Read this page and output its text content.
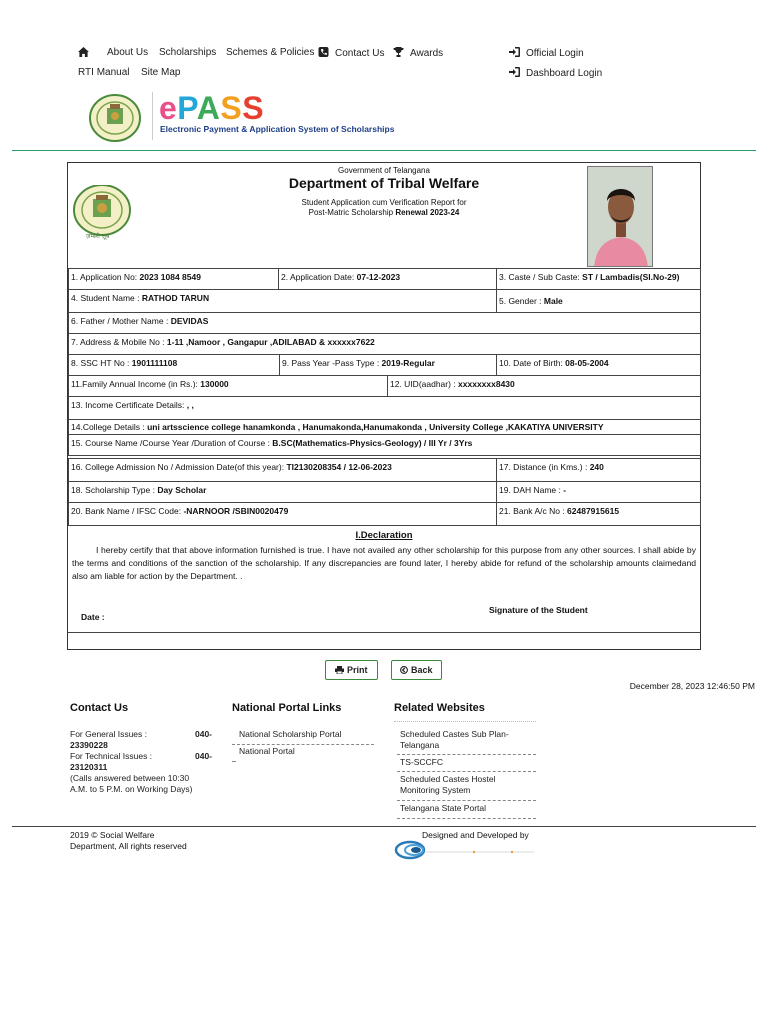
About Us Scholarships Schemes & Policies	Contact Us	Awards	Official Login
RTI Manual Site Map	Dashboard Login
ePASS
Electronic Payment & Application System of Scholarships
ज़म्बरी ज़ूब
Government of Telangana
Department of Tribal Welfare
Student Application cum Verification Report for
Post-Matric Scholarship Renewal 2023-24
1. Application No: 2023 1084 8549	2. Application Date: 07-12-2023	3. Caste / Sub Caste: ST / Lambadis(Sl.No-29)
4. Student Name : RATHOD TARUN	5. Gender : Male
6. Father / Mother Name : DEVIDAS
7. Address & Mobile No : 1-11 ,Namoor , Gangapur ,ADILABAD & xxxxxx7622
8. SSC HT No : 1901111108	9. Pass Year -Pass Type : 2019-Regular	10. Date of Birth: 08-05-2004
11.Family Annual Income (in Rs.): 130000	12. UID(aadhar) : xxxxxxxx8430
13. Income Certificate Details: , ,
14.College Details : uni artsscience college hanamkonda , Hanumakonda,Hanumakonda , University College ,KAKATIYA UNIVERSITY
15. Course Name /Course Year /Duration of Course : B.SC(Mathematics-Physics-Geology) / III Yr / 3Yrs
16. College Admission No / Admission Date(of this year): TI2130208354 / 12-06-2023	17. Distance (in Kms.) : 240
18. Scholarship Type : Day Scholar	19. DAH Name : -
20. Bank Name / IFSC Code: -NARNOOR /SBIN0020479	21. Bank A/c No : 62487915615
I.Declaration
I hereby certify that that above information furnished is true. I have not availed any other scholarship for this purpose from any other sources. I shall abide by the terms and conditions of the sanction of the scholarship. If any discrepancies are found later, I hereby abide for refund of the scholarship amounts claimedand also am liable for action by the Department. .
Date :
Signature of the Student
Print	Back
December 28, 2023 12:46:50 PM
Contact Us
For General Issues :	040-
23390228
For Technical Issues :	040-
23120311
(Calls answered between 10:30
A.M. to 5 P.M. on Working Days)
National Portal Links
National Scholarship Portal
National Portal
Related Websites
Scheduled Castes Sub Plan-Telangana
TS-SCCFC
Scheduled Castes Hostel Monitoring System
Telangana State Portal
2019 © Social Welfare
Department, All rights reserved
Designed and Developed by
